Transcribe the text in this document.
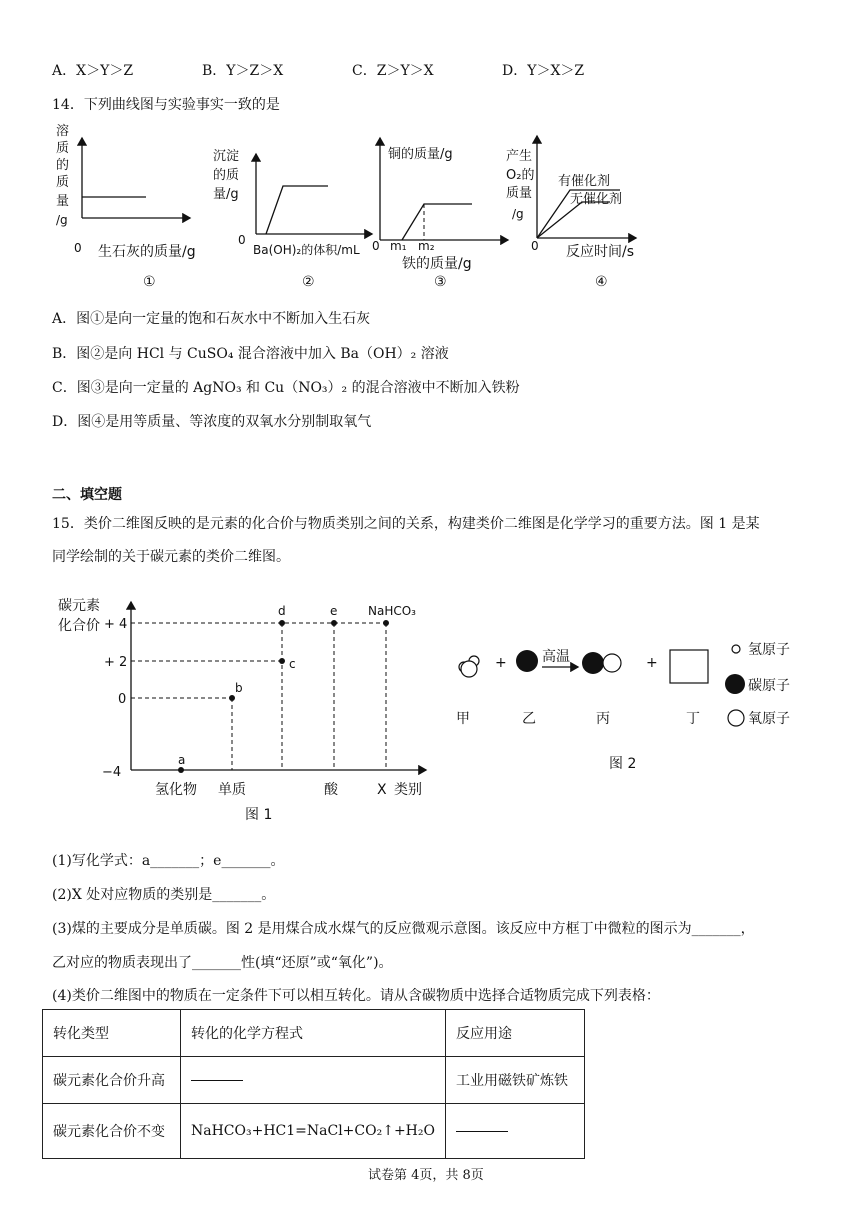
A．X＞Y＞Z	B．Y＞Z＞X	C．Z＞Y＞X	D．Y＞X＞Z
14．下列曲线图与实验事实一致的是
溶
质
的
质
量
/g
0 生石灰的质量/g
①
沉淀
的质
量/g
0
Ba(OH)₂的体积/mL
②
铜的质量/g
0 m₁ m₂
铁的质量/g
③
产生
O₂的
质量
/g
有催化剂
无催化剂
0 反应时间/s
④
A．图①是向一定量的饱和石灰水中不断加入生石灰
B．图②是向 HCl 与 CuSO₄ 混合溶液中加入 Ba（OH）₂ 溶液
C．图③是向一定量的 AgNO₃ 和 Cu（NO₃）₂ 的混合溶液中不断加入铁粉
D．图④是用等质量、等浓度的双氧水分别制取氧气
二、填空题
15．类价二维图反映的是元素的化合价与物质类别之间的关系，构建类价二维图是化学学习的重要方法。图 1 是某
同学绘制的关于碳元素的类价二维图。
碳元素
化合价 + 4
+ 2
0
−4
a
b
c
d	e	NaHCO₃
氢化物 单质	酸	X 类别
图 1
+	高温	+
氢原子
碳原子
氧原子
甲	乙	丙	丁
图 2
(1)写化学式：a_______；e_______。
(2)X 处对应物质的类别是_______。
(3)煤的主要成分是单质碳。图 2 是用煤合成水煤气的反应微观示意图。该反应中方框丁中微粒的图示为_______，
乙对应的物质表现出了_______性(填“还原”或“氧化”)。
(4)类价二维图中的物质在一定条件下可以相互转化。请从含碳物质中选择合适物质完成下列表格：
转化类型	转化的化学方程式	反应用途
碳元素化合价升高		工业用磁铁矿炼铁
碳元素化合价不变	NaHCO₃+HC1=NaCl+CO₂↑+H₂O	
试卷第 4页，共 8页
